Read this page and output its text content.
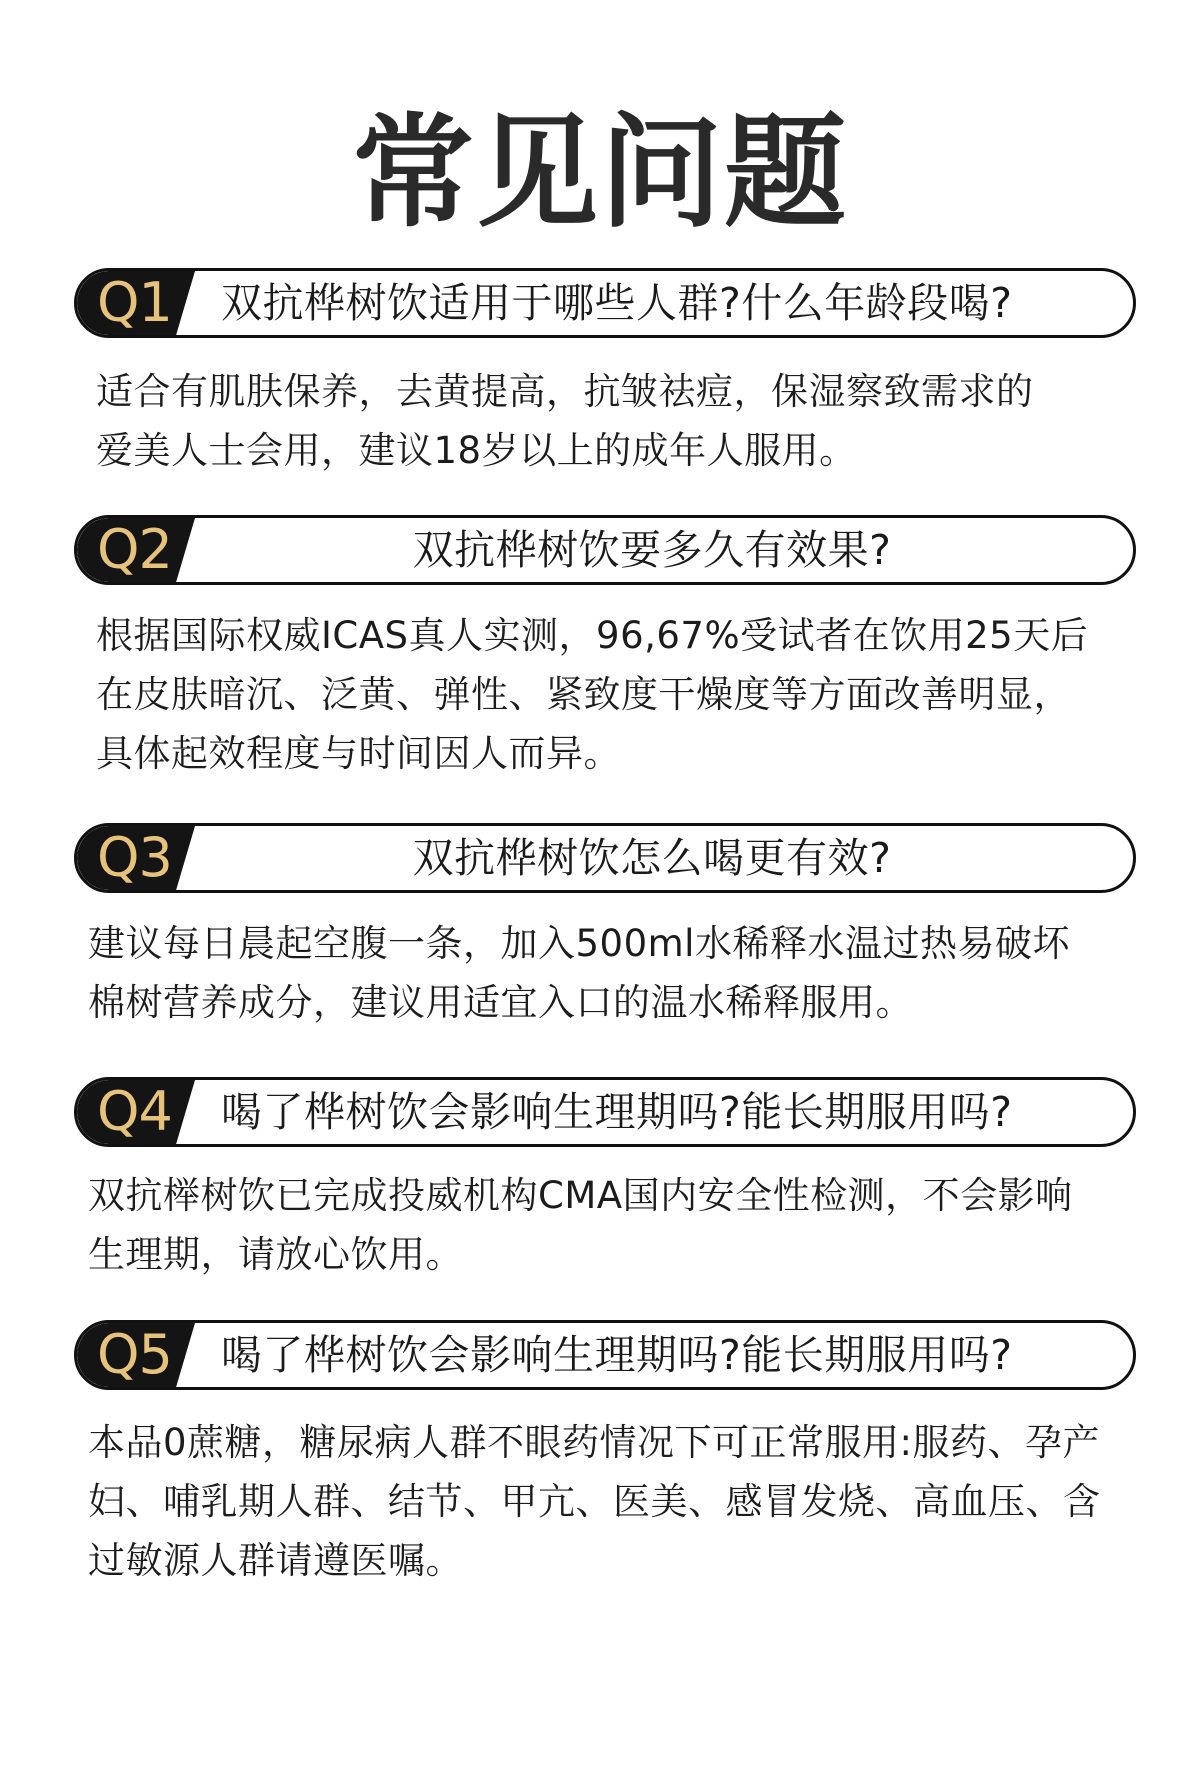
常见问题
Q1 双抗桦树饮适用于哪些人群?什么年龄段喝?
适合有肌肤保养，去黄提高，抗皱祛痘，保湿察致需求的
爱美人士会用，建议18岁以上的成年人服用。
Q2	双抗桦树饮要多久有效果?
根据国际权威ICAS真人实测，96,67%受试者在饮用25天后
在皮肤暗沉、泛黄、弹性、紧致度干燥度等方面改善明显，
具体起效程度与时间因人而异。
Q3	双抗桦树饮怎么喝更有效?
建议每日晨起空腹一条，加入500ml水稀释水温过热易破坏
棉树营养成分，建议用适宜入口的温水稀释服用。
Q4 喝了桦树饮会影响生理期吗?能长期服用吗?
双抗榉树饮已完成投威机构CMA国内安全性检测，不会影响
生理期，请放心饮用。
Q5 喝了桦树饮会影响生理期吗?能长期服用吗?
本品0蔗糖，糖尿病人群不眼药情况下可正常服用:服药、孕产
妇、哺乳期人群、结节、甲亢、医美、感冒发烧、高血压、含
过敏源人群请遵医嘱。
